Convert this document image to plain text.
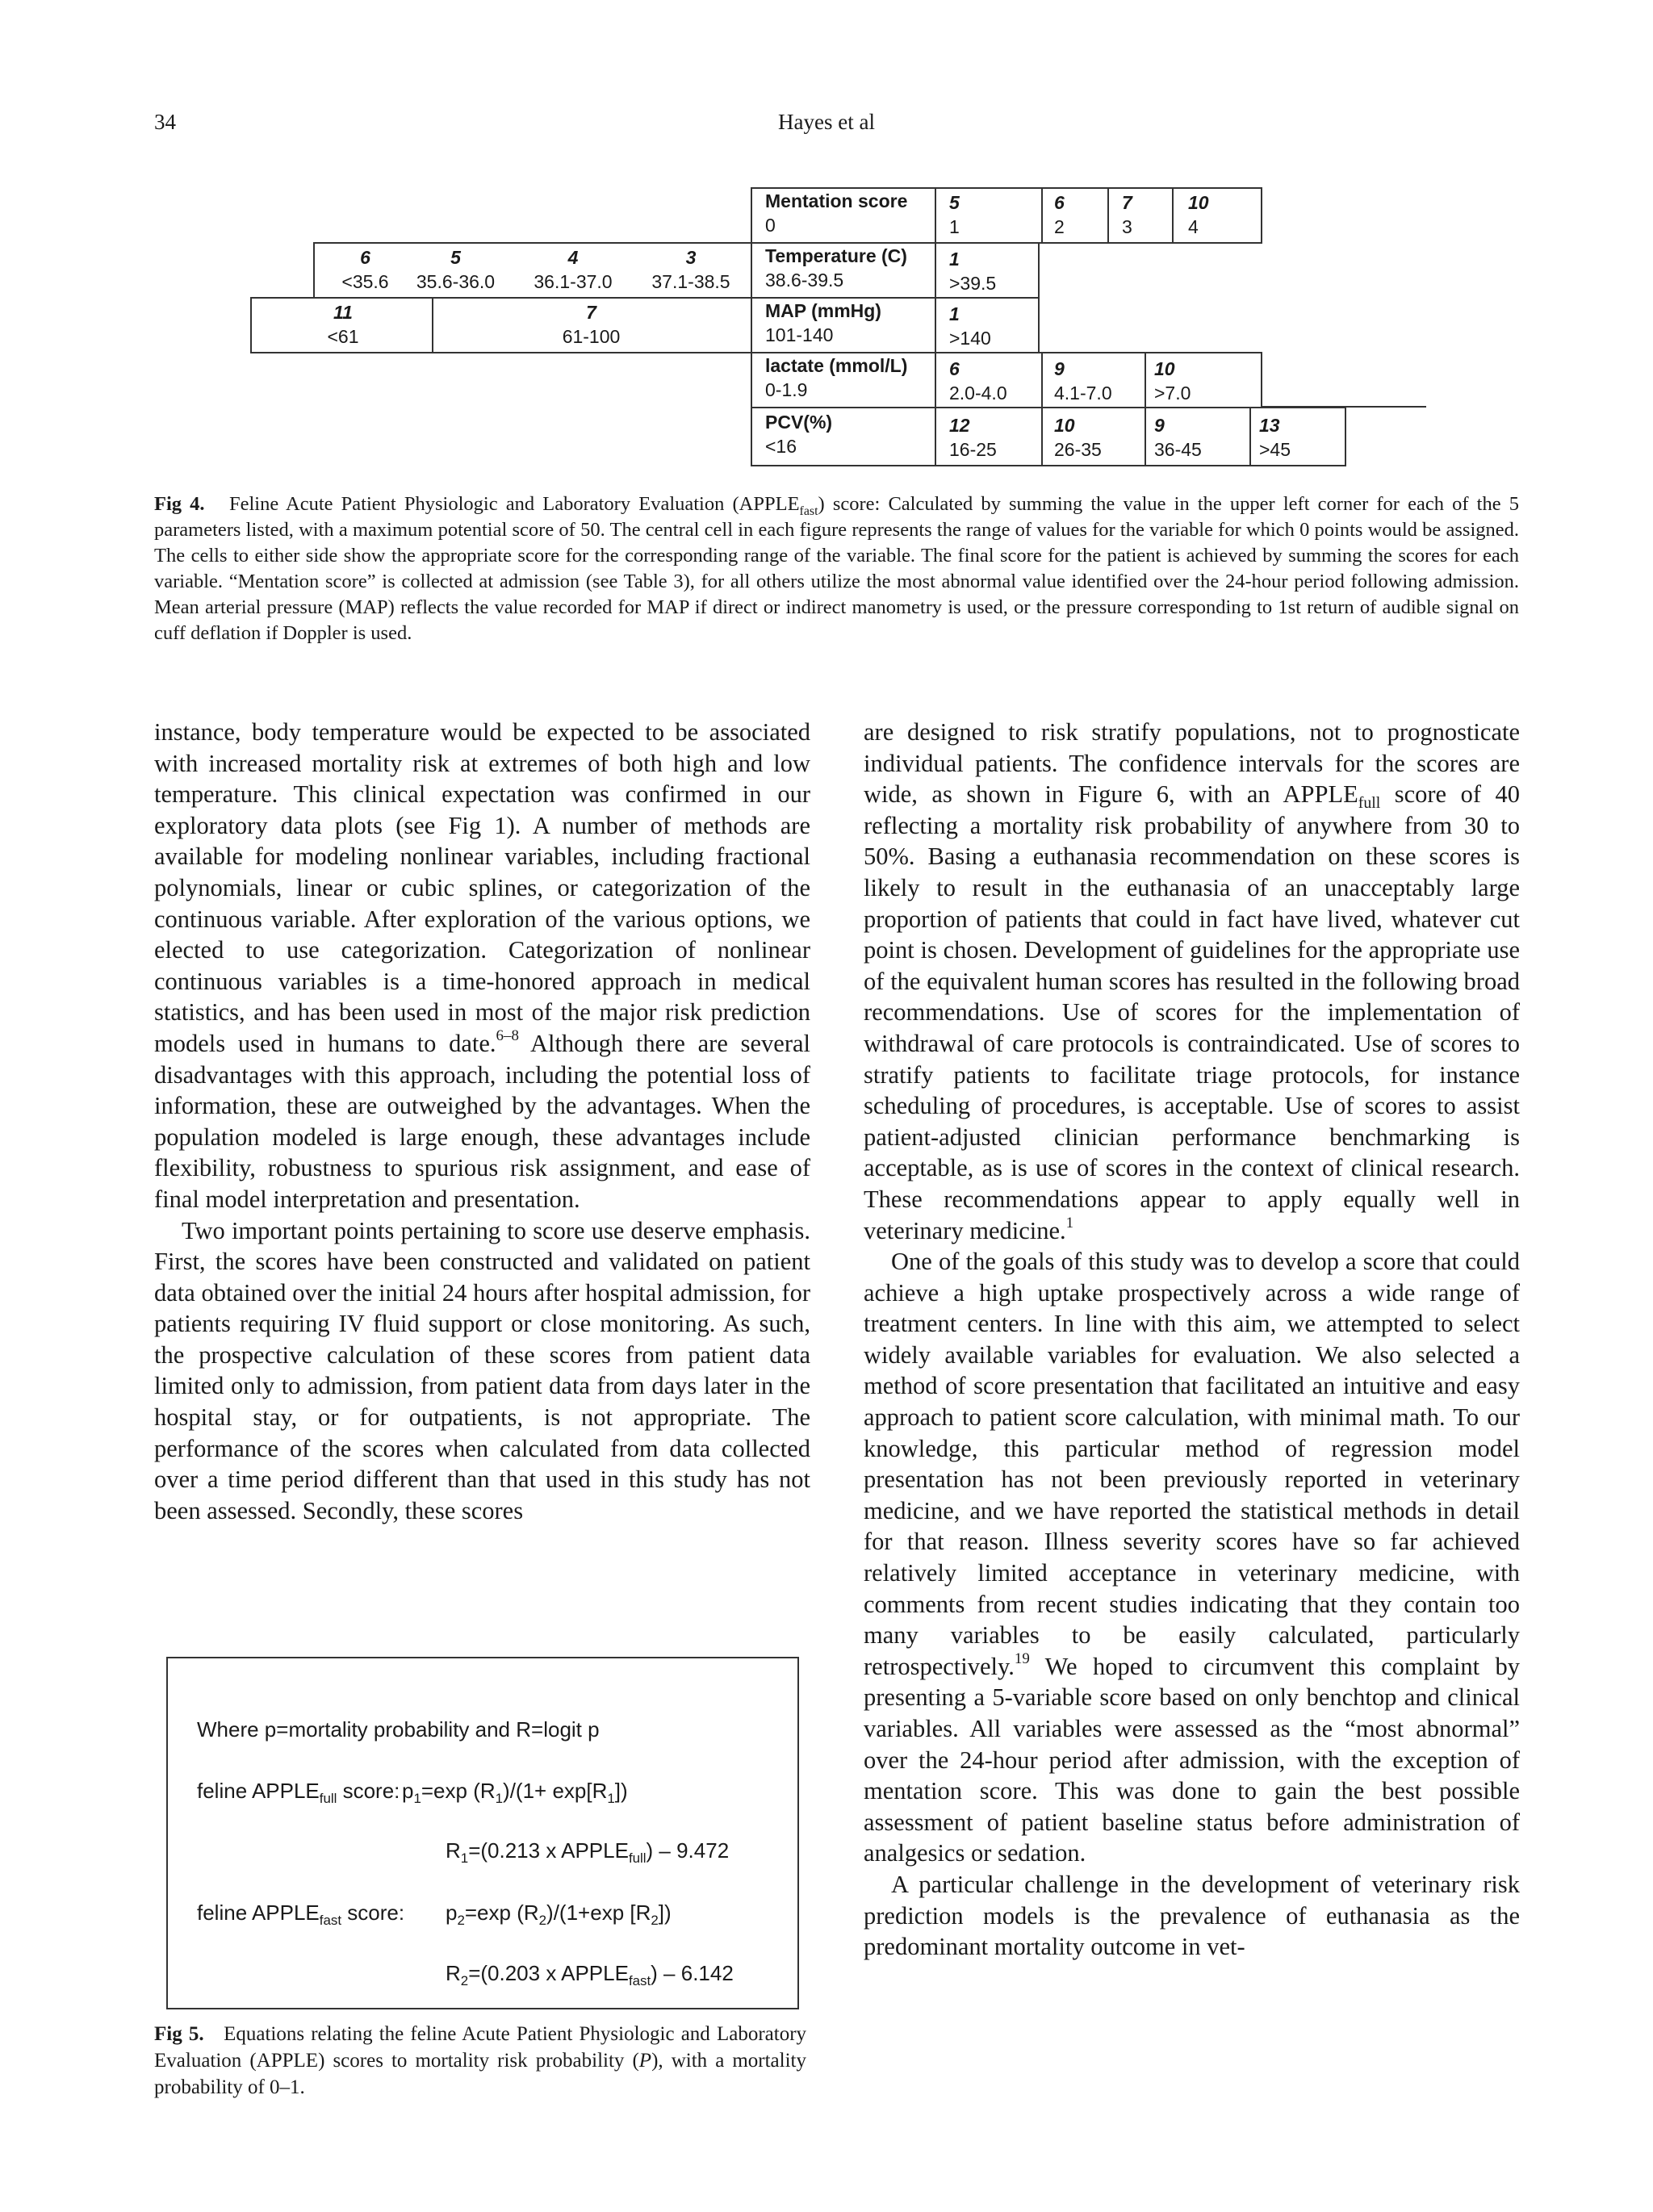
34	Hayes et al
Mentation score
0
5
1
6
2
7
3
10
4
6
<35.6
5
35.6-36.0
4
36.1-37.0
3
37.1-38.5
Temperature (C)
38.6-39.5
1
>39.5
11
<61
7
61-100
MAP (mmHg)
101-140
1
>140
lactate (mmol/L)
0-1.9
6
2.0-4.0
9
4.1-7.0
10
>7.0
PCV(%)
<16
12
16-25
10
26-35
9
36-45
13
>45
Fig 4. Feline Acute Patient Physiologic and Laboratory Evaluation $(APPLE_{fast})$ score: Calculated by summing the value in the upper left corner for each of the 5 parameters listed, with a maximum potential score of 50. The central cell in each figure represents the range of values for the variable for which 0 points would be assigned. The cells to either side show the appropriate score for the corresponding range of the variable. The final score for the patient is achieved by summing the scores for each variable. “Mentation score” is collected at admission (see Table 3), for all others utilize the most abnormal value identified over the 24-hour period following admission. Mean arterial pressure (MAP) reflects the value recorded for MAP if direct or indirect manometry is used, or the pressure corresponding to 1st return of audible signal on cuff deflation if Doppler is used.

instance, body temperature would be expected to be associated with increased mortality risk at extremes of both high and low temperature. This clinical expectation was confirmed in our exploratory data plots (see Fig 1). A number of methods are available for modeling nonlinear variables, including fractional polynomials, linear or cubic splines, or categorization of the continuous variable. After exploration of the various options, we elected to use categorization. Categorization of nonlinear continuous variables is a time-honored approach in medical statistics, and has been used in most of the major risk prediction models used in humans to date.$^{6-8}$ Although there are several disadvantages with this approach, including the potential loss of information, these are outweighed by the advantages. When the population modeled is large enough, these advantages include flexibility, robustness to spurious risk assignment, and ease of final model interpretation and presentation.

Two important points pertaining to score use deserve emphasis. First, the scores have been constructed and validated on patient data obtained over the initial 24 hours after hospital admission, for patients requiring IV fluid support or close monitoring. As such, the prospective calculation of these scores from patient data limited only to admission, from patient data from days later in the hospital stay, or for outpatients, is not appropriate. The performance of the scores when calculated from data collected over a time period different than that used in this study has not been assessed. Secondly, these scores

Where p=mortality probability and R=logit p
feline $APPLE_{full}$ score: $p_1=\exp$ $(R_1)/(1+ \exp[R_1])$
$R_1=(0.213$ x $APPLE_{full}) - 9.472$
feline $APPLE_{fast}$ score: $p_2=\exp$ $(R_2)/(1+\exp$ $[R_2]$)
$R_2=(0.203$ x $APPLE_{fast}) - 6.142$
Fig 5. Equations relating the feline Acute Patient Physiologic and Laboratory Evaluation (APPLE) scores to mortality risk probability (P), with a mortality probability of 0–1.

are designed to risk stratify populations, not to prognosticate individual patients. The confidence intervals for the scores are wide, as shown in Figure 6, with an $APPLE_{full}$ score of 40 reflecting a mortality risk probability of anywhere from 30 to 50%. Basing a euthanasia recommendation on these scores is likely to result in the euthanasia of an unacceptably large proportion of patients that could in fact have lived, whatever cut point is chosen. Development of guidelines for the appropriate use of the equivalent human scores has resulted in the following broad recommendations. Use of scores for the implementation of withdrawal of care protocols is contraindicated. Use of scores to stratify patients to facilitate triage protocols, for instance scheduling of procedures, is acceptable. Use of scores to assist patient-adjusted clinician performance benchmarking is acceptable, as is use of scores in the context of clinical research. These recommendations appear to apply equally well in veterinary medicine.$^1$

One of the goals of this study was to develop a score that could achieve a high uptake prospectively across a wide range of treatment centers. In line with this aim, we attempted to select widely available variables for evaluation. We also selected a method of score presentation that facilitated an intuitive and easy approach to patient score calculation, with minimal math. To our knowledge, this particular method of regression model presentation has not been previously reported in veterinary medicine, and we have reported the statistical methods in detail for that reason. Illness severity scores have so far achieved relatively limited acceptance in veterinary medicine, with comments from recent studies indicating that they contain too many variables to be easily calculated, particularly retrospectively.$^{19}$ We hoped to circumvent this complaint by presenting a 5-variable score based on only benchtop and clinical variables. All variables were assessed as the “most abnormal” over the 24-hour period after admission, with the exception of mentation score. This was done to gain the best possible assessment of patient baseline status before administration of analgesics or sedation.

A particular challenge in the development of veterinary risk prediction models is the prevalence of euthanasia as the predominant mortality outcome in vet-
